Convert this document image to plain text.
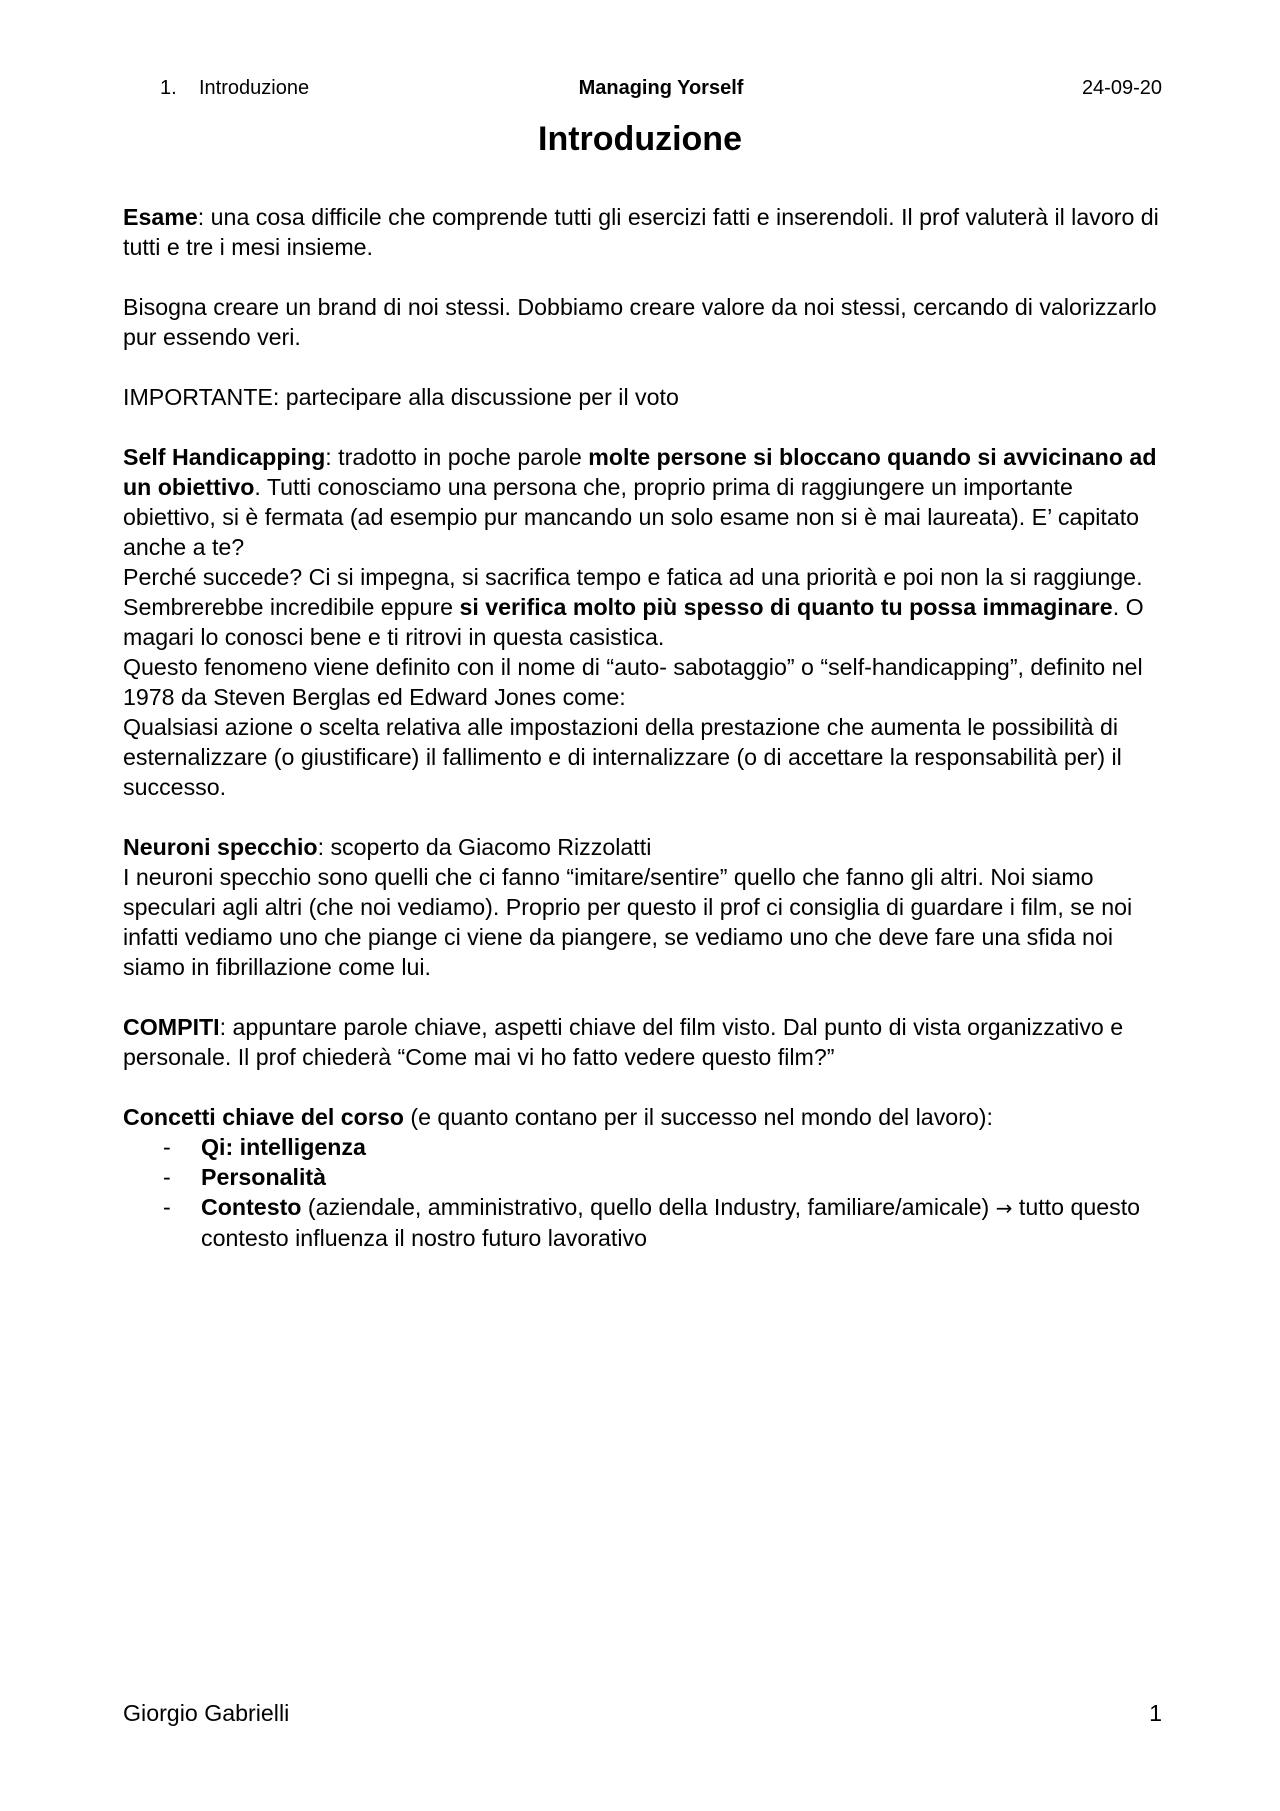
1. Introduzione	Managing Yorself	24-09-20
Introduzione

Esame: una cosa difficile che comprende tutti gli esercizi fatti e inserendoli. Il prof valuterà il lavoro di tutti e tre i mesi insieme.

Bisogna creare un brand di noi stessi. Dobbiamo creare valore da noi stessi, cercando di valorizzarlo pur essendo veri.

IMPORTANTE: partecipare alla discussione per il voto

Self Handicapping: tradotto in poche parole molte persone si bloccano quando si avvicinano ad un obiettivo. Tutti conosciamo una persona che, proprio prima di raggiungere un importante obiettivo, si è fermata (ad esempio pur mancando un solo esame non si è mai laureata). E’ capitato anche a te?

Perché succede? Ci si impegna, si sacrifica tempo e fatica ad una priorità e poi non la si raggiunge.

Sembrerebbe incredibile eppure si verifica molto più spesso di quanto tu possa immaginare. O magari lo conosci bene e ti ritrovi in questa casistica.

Questo fenomeno viene definito con il nome di “auto- sabotaggio” o “self-handicapping”, definito nel 1978 da Steven Berglas ed Edward Jones come:

Qualsiasi azione o scelta relativa alle impostazioni della prestazione che aumenta le possibilità di esternalizzare (o giustificare) il fallimento e di internalizzare (o di accettare la responsabilità per) il successo.

Neuroni specchio: scoperto da Giacomo Rizzolatti

I neuroni specchio sono quelli che ci fanno “imitare/sentire” quello che fanno gli altri. Noi siamo speculari agli altri (che noi vediamo). Proprio per questo il prof ci consiglia di guardare i film, se noi infatti vediamo uno che piange ci viene da piangere, se vediamo uno che deve fare una sfida noi siamo in fibrillazione come lui.

COMPITI: appuntare parole chiave, aspetti chiave del film visto. Dal punto di vista organizzativo e personale. Il prof chiederà “Come mai vi ho fatto vedere questo film?”

Concetti chiave del corso (e quanto contano per il successo nel mondo del lavoro):

- Qi: intelligenza
- Personalità
- Contesto (aziendale, amministrativo, quello della Industry, familiare/amicale) → tutto questo contesto influenza il nostro futuro lavorativo
Giorgio Gabrielli	1
